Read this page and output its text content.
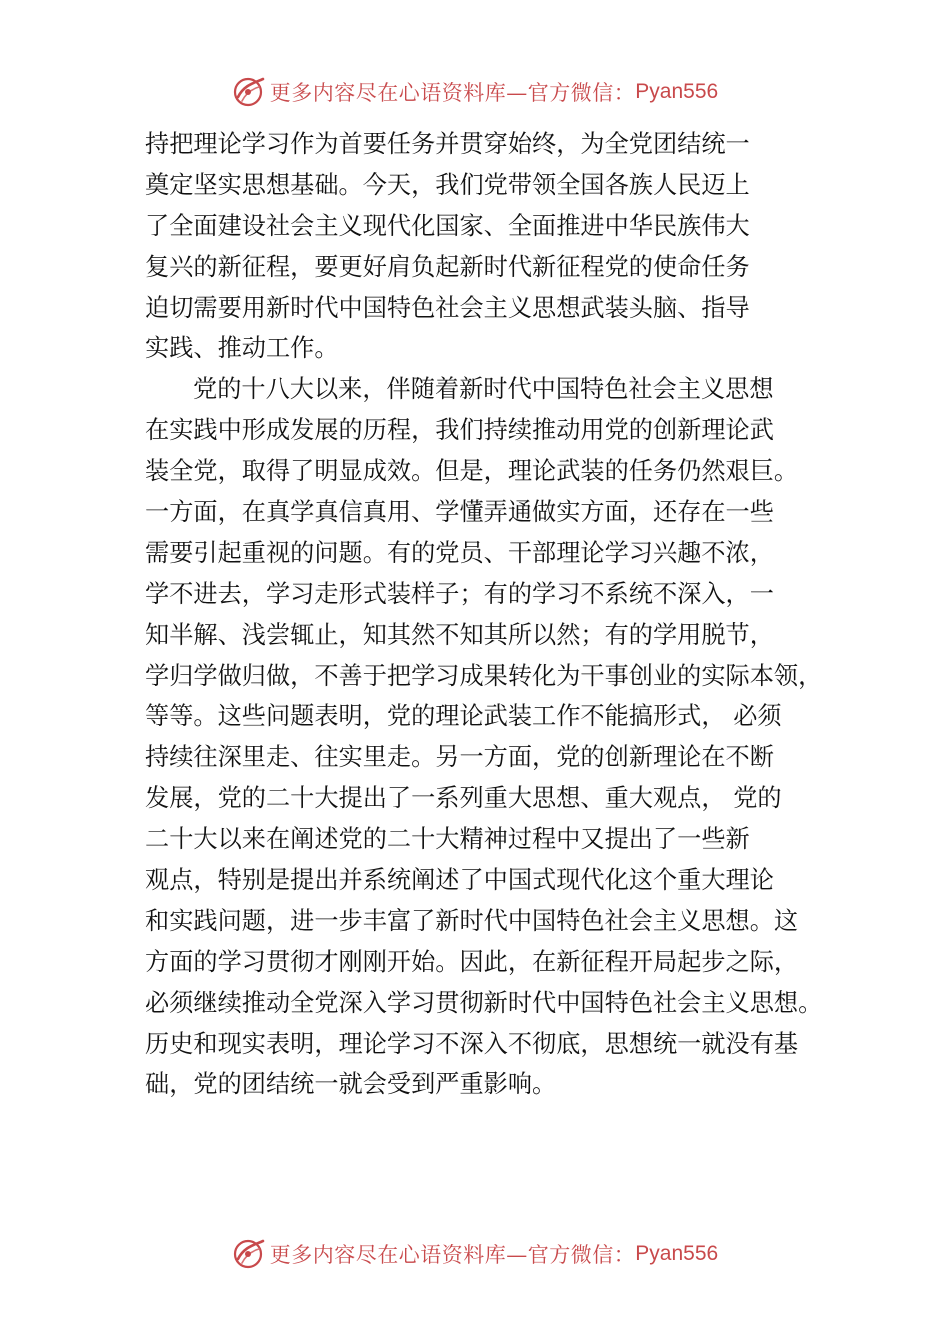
更多内容尽在心语资料库—官方微信： Pyan556
持把理论学习作为首要任务并贯穿始终，为全党团结统一
奠定坚实思想基础。今天，我们党带领全国各族人民迈上
了全面建设社会主义现代化国家、全面推进中华民族伟大
复兴的新征程，要更好肩负起新时代新征程党的使命任务
迫切需要用新时代中国特色社会主义思想武装头脑、指导
实践、推动工作。
党的十八大以来，伴随着新时代中国特色社会主义思想
在实践中形成发展的历程，我们持续推动用党的创新理论武
装全党，取得了明显成效。但是，理论武装的任务仍然艰巨。
一方面，在真学真信真用、学懂弄通做实方面，还存在一些
需要引起重视的问题。有的党员、干部理论学习兴趣不浓，
学不进去，学习走形式装样子；有的学习不系统不深入，一
知半解、浅尝辄止，知其然不知其所以然；有的学用脱节，
学归学做归做，不善于把学习成果转化为干事创业的实际本领，
等等。这些问题表明，党的理论武装工作不能搞形式， 必须
持续往深里走、往实里走。另一方面，党的创新理论在不断
发展，党的二十大提出了一系列重大思想、重大观点， 党的
二十大以来在阐述党的二十大精神过程中又提出了一些新
观点，特别是提出并系统阐述了中国式现代化这个重大理论
和实践问题，进一步丰富了新时代中国特色社会主义思想。这
方面的学习贯彻才刚刚开始。因此，在新征程开局起步之际，
必须继续推动全党深入学习贯彻新时代中国特色社会主义思想。
历史和现实表明，理论学习不深入不彻底，思想统一就没有基
础，党的团结统一就会受到严重影响。
更多内容尽在心语资料库—官方微信： Pyan556
